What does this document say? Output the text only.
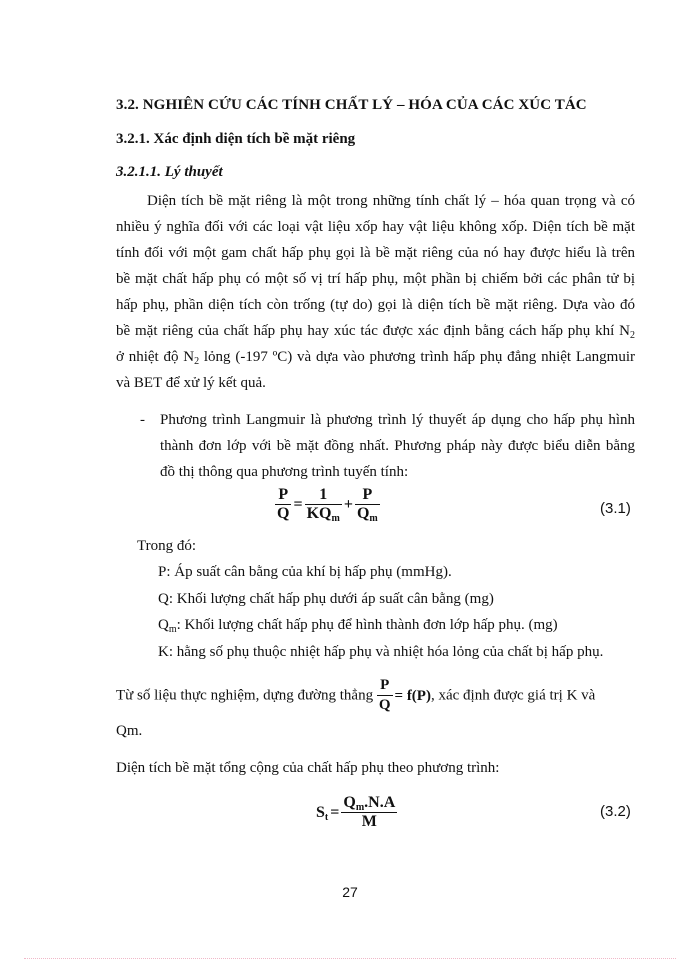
3.2. NGHIÊN CỨU CÁC TÍNH CHẤT LÝ – HÓA CỦA CÁC XÚC TÁC
3.2.1. Xác định diện tích bề mặt riêng
3.2.1.1. Lý thuyết
Diện tích bề mặt riêng là một trong những tính chất lý – hóa quan trọng và có
nhiều ý nghĩa đối với các loại vật liệu xốp hay vật liệu không xốp. Diện tích bề mặt
tính đối với một gam chất hấp phụ gọi là bề mặt riêng của nó hay được hiểu là trên
bề mặt chất hấp phụ có một số vị trí hấp phụ, một phần bị chiếm bởi các phân tử bị
hấp phụ, phần diện tích còn trống (tự do) gọi là diện tích bề mặt riêng. Dựa vào đó
bề mặt riêng của chất hấp phụ hay xúc tác được xác định bằng cách hấp phụ khí $N_2$
ở nhiệt độ $N_2$ lỏng (-197 ºC) và dựa vào phương trình hấp phụ đẳng nhiệt Langmuir
và BET để xử lý kết quả.
- Phương trình Langmuir là phương trình lý thuyết áp dụng cho hấp phụ hình
thành đơn lớp với bề mặt đồng nhất. Phương pháp này được biểu diễn bằng
đồ thị thông qua phương trình tuyến tính:
$\frac{P}{Q} = \frac{1}{KQ_m} + \frac{P}{Q_m}$	(3.1)
Trong đó:
P: Áp suất cân bằng của khí bị hấp phụ (mmHg).
Q: Khối lượng chất hấp phụ dưới áp suất cân bằng (mg)
$Q_m$: Khối lượng chất hấp phụ để hình thành đơn lớp hấp phụ. (mg)
K: hằng số phụ thuộc nhiệt hấp phụ và nhiệt hóa lỏng của chất bị hấp phụ.
Từ số liệu thực nghiệm, dựng đường thẳng $\frac{P}{Q} = f(P)$, xác định được giá trị K và
Qm.
Diện tích bề mặt tổng cộng của chất hấp phụ theo phương trình:
$S_t = \frac{Q_m.N.A}{M}$	(3.2)
27
